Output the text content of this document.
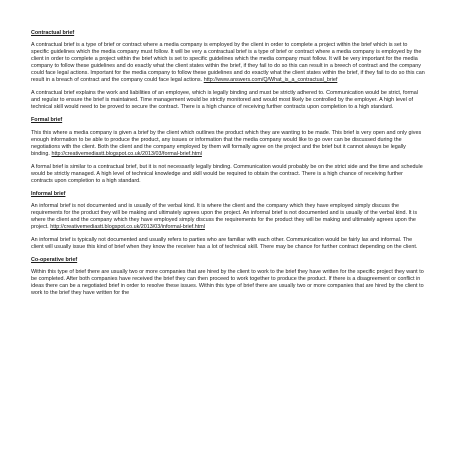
Contractual brief

A contractual brief is a type of brief or contract where a media company is employed by the client in order to complete a project within the brief which is set to specific guidelines which the media company must follow. It will be very a contractual brief is a type of brief or contract where a media company is employed by the client in order to complete a project within the brief which is set to specific guidelines which the media company must follow. It will be very important for the media company to follow these guidelines and do exactly what the client states within the brief, if they fail to do so this can result in a breech of contract and the company could face legal actions. Important for the media company to follow these guidelines and do exactly what the client states within the brief, if they fail to do so this can result in a breach of contract and the company could face legal actions. http://www.answers.com/Q/What_is_a_contractual_brief

A contractual brief explains the work and liabilities of an employee, which is legally binding and must be strictly adhered to. Communication would be strict, formal and regular to ensure the brief is maintained. Time management would be strictly monitored and would most likely be controlled by the employer. A high level of technical skill would need to be proved to secure the contract. There is a high chance of receiving further contracts upon completion to a high standard.

Formal brief

This this where a media company is given a brief by the client which outlines the product which they are wanting to be made. This brief is very open and only gives enough information to be able to produce the product, any issues or information that the media company would like to go over can be discussed during the negotiations with the client. Both the client and the company employed by them will formally agree on the project and the brief but it cannot always be legally binding. http://creativemediastt.blogspot.co.uk/2013/03/formal-brief.html

A formal brief is similar to a contractual brief, but it is not necessarily legally binding. Communication would probably be on the strict side and the time and schedule would be strictly managed. A high level of technical knowledge and skill would be required to obtain the contract. There is a high chance of receiving further contracts upon completion to a high standard.

Informal brief

An informal brief is not documented and is usually of the verbal kind. It is where the client and the company which they have employed simply discuss the requirements for the product they will be making and ultimately agrees upon the project. An informal brief is not documented and is usually of the verbal kind. It is where the client and the company which they have employed simply discuss the requirements for the product they will be making and ultimately agrees upon the project. http://creativemediastt.blogspot.co.uk/2013/03/informal-brief.html

An informal brief is typically not documented and usually refers to parties who are familiar with each other. Communication would be fairly lax and informal. The client will usually issue this kind of brief when they know the receiver has a lot of technical skill. There may be chance for further contract depending on the client.

Co-operative brief

Within this type of brief there are usually two or more companies that are hired by the client to work to the brief they have written for the specific project they want to be completed. After both companies have received the brief they can then proceed to work together to produce the product. If there is a disagreement or conflict in ideas there can be a negotiated brief in order to resolve these issues. Within this type of brief there are usually two or more companies that are hired by the client to work to the brief they have written for the
